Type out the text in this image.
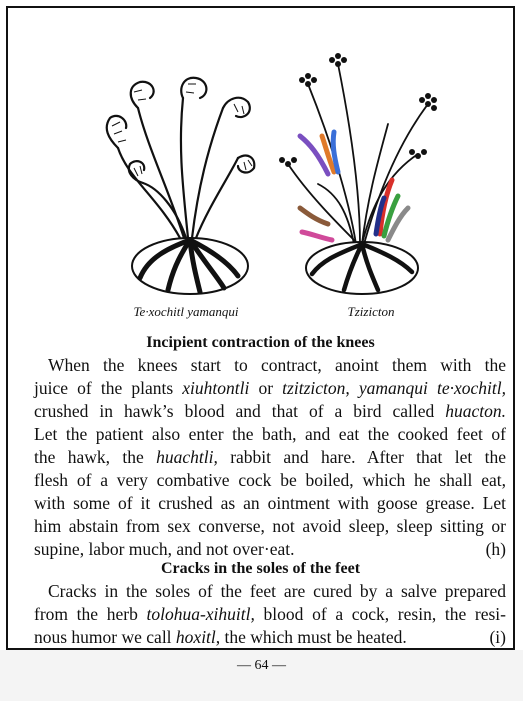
Te·xochitl yamanqui	Tzizicton
Incipient contraction of the knees
When the knees start to contract, anoint them with the
juice of the plants xiuhtontli or tzitzicton, yamanqui te·xochitl,
crushed in hawk’s blood and that of a bird called huacton.
Let the patient also enter the bath, and eat the cooked feet of
the hawk, the huachtli, rabbit and hare. After that let the
flesh of a very combative cock be boiled, which he shall eat,
with some of it crushed as an ointment with goose grease. Let
him abstain from sex converse, not avoid sleep, sleep sitting or
supine, labor much, and not over·eat.	(h)
Cracks in the soles of the feet
Cracks in the soles of the feet are cured by a salve prepared
from the herb tolohua-xihuitl, blood of a cock, resin, the resi-
nous humor we call hoxitl, the which must be heated.	(i)
— 64 —
